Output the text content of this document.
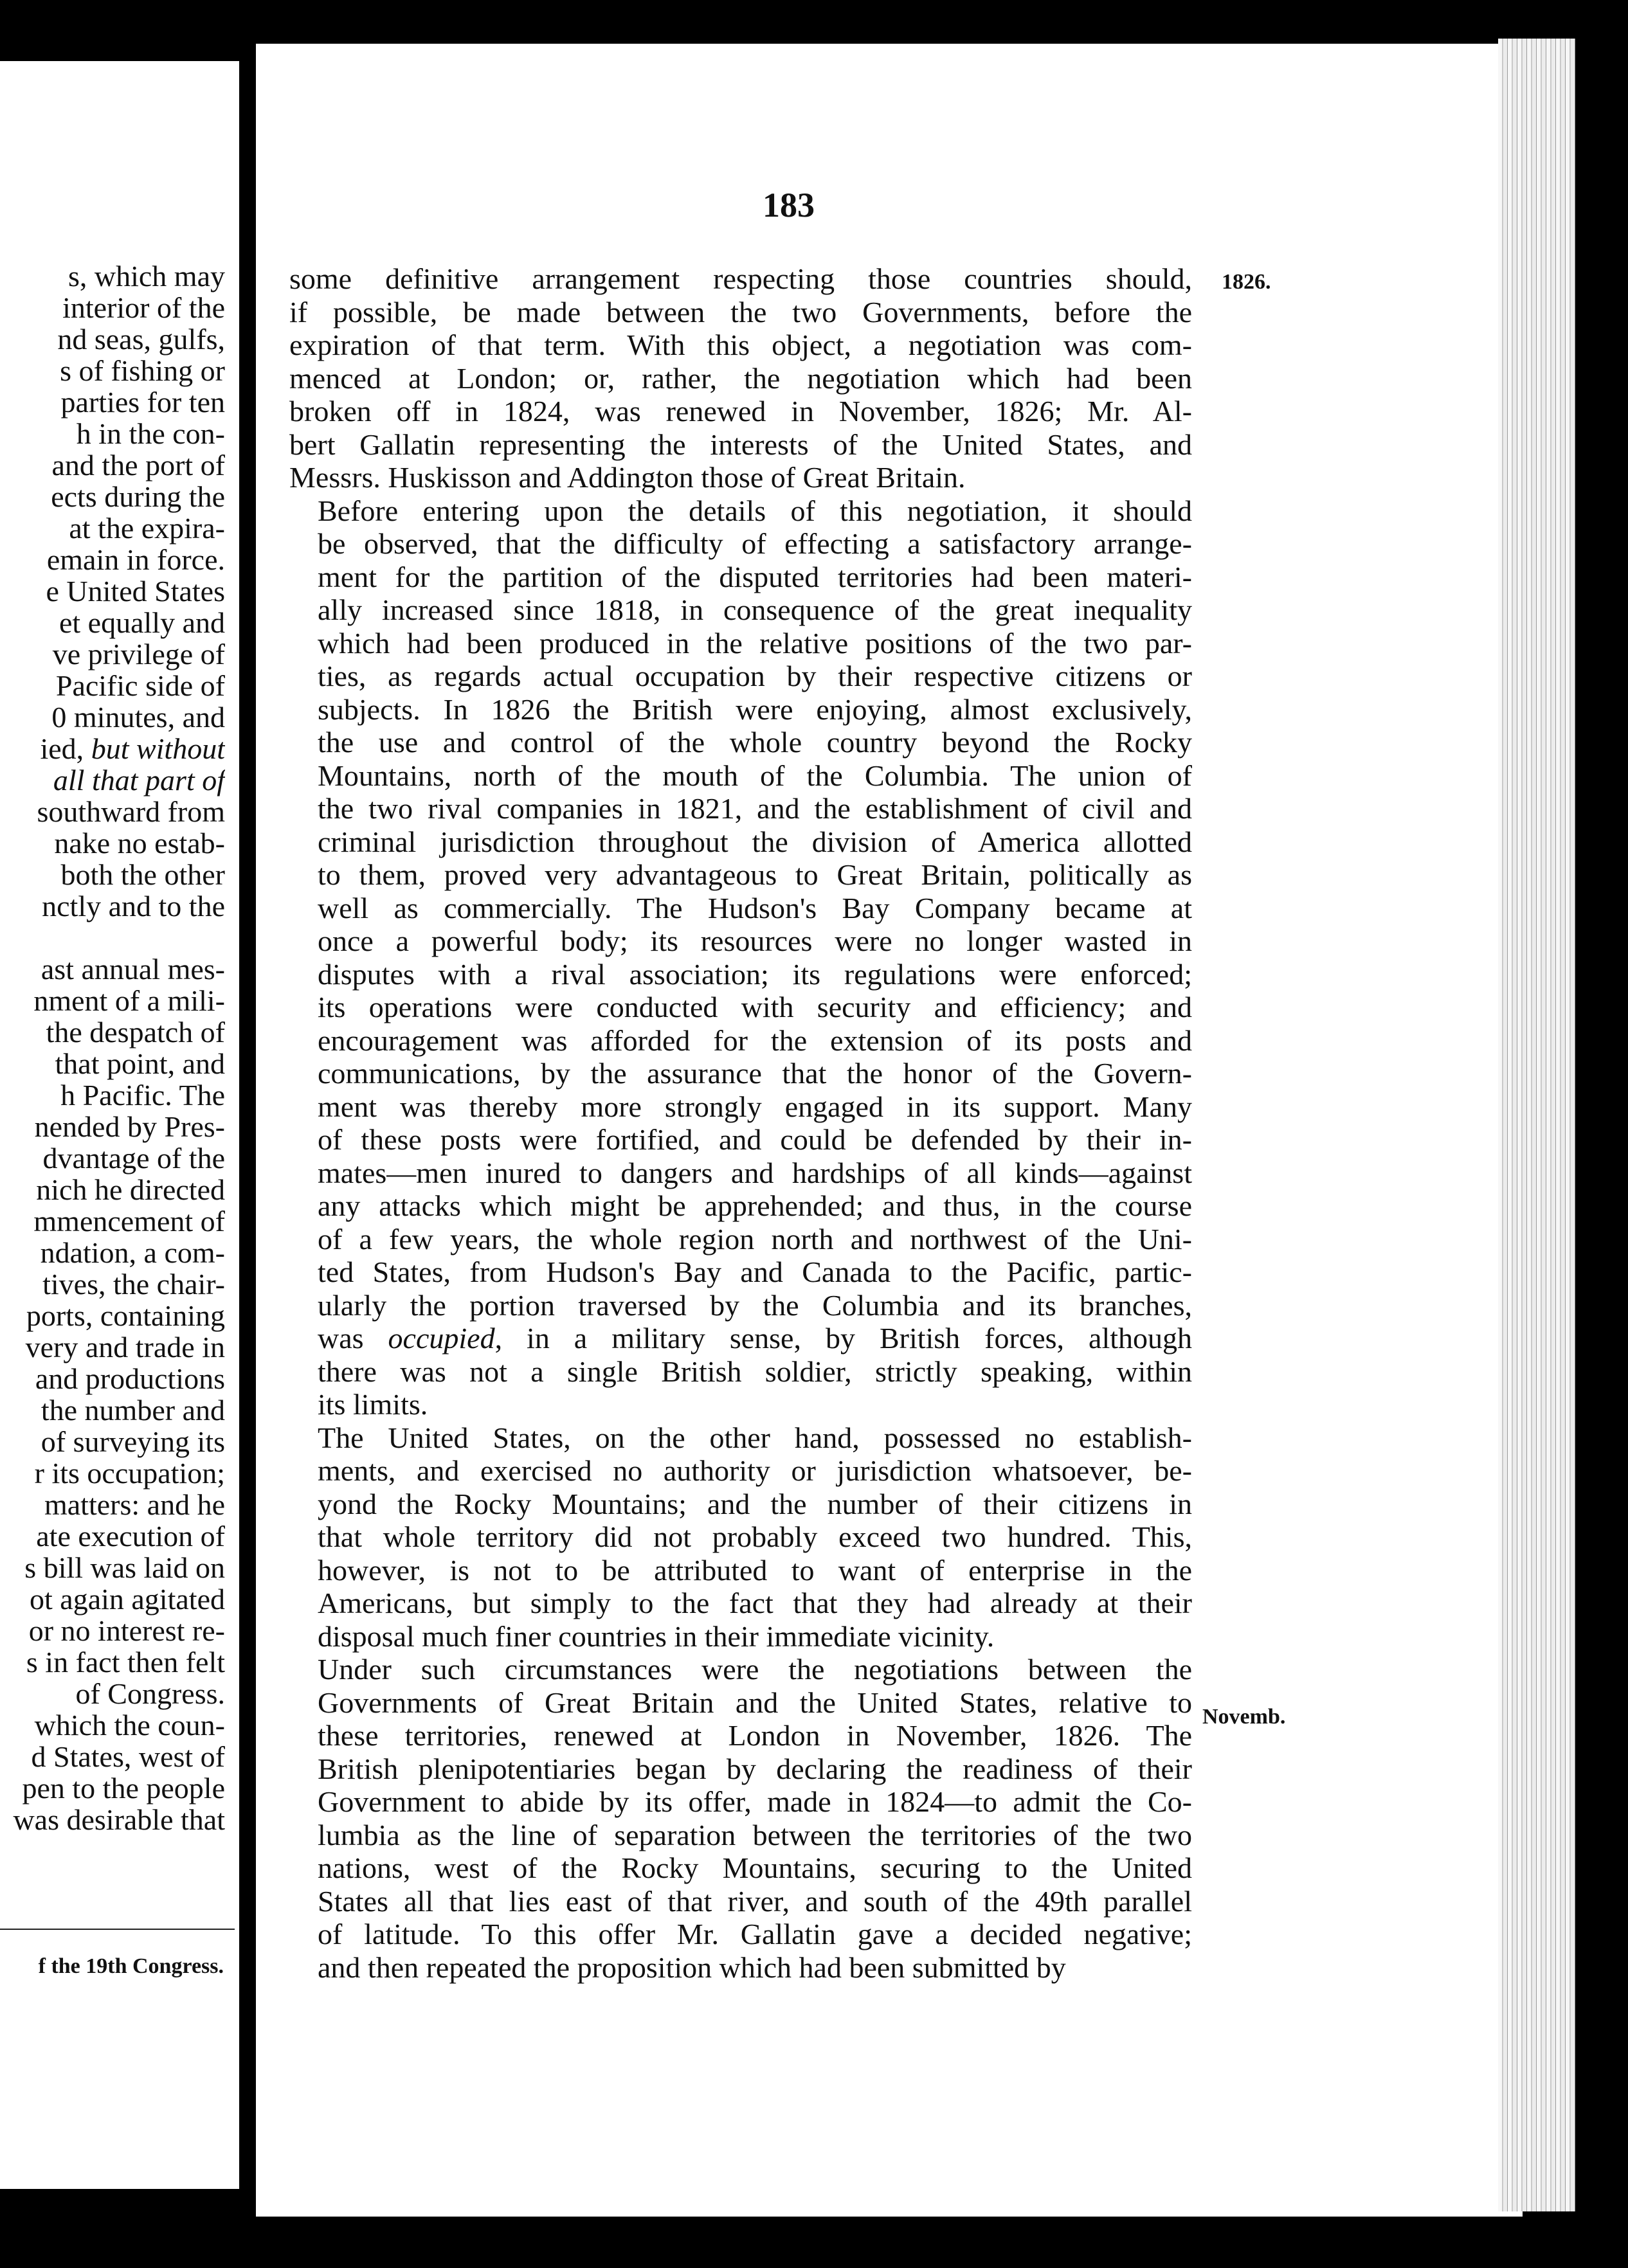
s, which may
interior of the
nd seas, gulfs,
s of fishing or
parties for ten
h in the con-
and the port of
ects during the
at the expira-
emain in force.
e United States
et equally and
ve privilege of
Pacific side of
0 minutes, and
ied, but without
all that part of
southward from
nake no estab-
both the other
nctly and to the

ast annual mes-
nment of a mili-
the despatch of
that point, and
h Pacific. The
nended by Pres-
dvantage of the
nich he directed
mmencement of
ndation, a com-
tives, the chair-
ports, containing
very and trade in
and productions
the number and
of surveying its
r its occupation;
matters: and he
ate execution of
s bill was laid on
ot again agitated
or no interest re-
s in fact then felt
of Congress.
which the coun-
d States, west of
pen to the people
was desirable that
f the 19th Congress.
183
1826.
Novemb.

some definitive arrangement respecting those countries should,
if possible, be made between the two Governments, before the
expiration of that term. With this object, a negotiation was com-
menced at London; or, rather, the negotiation which had been
broken off in 1824, was renewed in November, 1826; Mr. Al-
bert Gallatin representing the interests of the United States, and
Messrs. Huskisson and Addington those of Great Britain.

Before entering upon the details of this negotiation, it should
be observed, that the difficulty of effecting a satisfactory arrange-
ment for the partition of the disputed territories had been materi-
ally increased since 1818, in consequence of the great inequality
which had been produced in the relative positions of the two par-
ties, as regards actual occupation by their respective citizens or
subjects. In 1826 the British were enjoying, almost exclusively,
the use and control of the whole country beyond the Rocky
Mountains, north of the mouth of the Columbia. The union of
the two rival companies in 1821, and the establishment of civil and
criminal jurisdiction throughout the division of America allotted
to them, proved very advantageous to Great Britain, politically as
well as commercially. The Hudson's Bay Company became at
once a powerful body; its resources were no longer wasted in
disputes with a rival association; its regulations were enforced;
its operations were conducted with security and efficiency; and
encouragement was afforded for the extension of its posts and
communications, by the assurance that the honor of the Govern-
ment was thereby more strongly engaged in its support. Many
of these posts were fortified, and could be defended by their in-
mates—men inured to dangers and hardships of all kinds—against
any attacks which might be apprehended; and thus, in the course
of a few years, the whole region north and northwest of the Uni-
ted States, from Hudson's Bay and Canada to the Pacific, partic-
ularly the portion traversed by the Columbia and its branches,
was occupied, in a military sense, by British forces, although
there was not a single British soldier, strictly speaking, within
its limits.

The United States, on the other hand, possessed no establish-
ments, and exercised no authority or jurisdiction whatsoever, be-
yond the Rocky Mountains; and the number of their citizens in
that whole territory did not probably exceed two hundred. This,
however, is not to be attributed to want of enterprise in the
Americans, but simply to the fact that they had already at their
disposal much finer countries in their immediate vicinity.

Under such circumstances were the negotiations between the
Governments of Great Britain and the United States, relative to
these territories, renewed at London in November, 1826. The
British plenipotentiaries began by declaring the readiness of their
Government to abide by its offer, made in 1824—to admit the Co-
lumbia as the line of separation between the territories of the two
nations, west of the Rocky Mountains, securing to the United
States all that lies east of that river, and south of the 49th parallel
of latitude. To this offer Mr. Gallatin gave a decided negative;
and then repeated the proposition which had been submitted by
